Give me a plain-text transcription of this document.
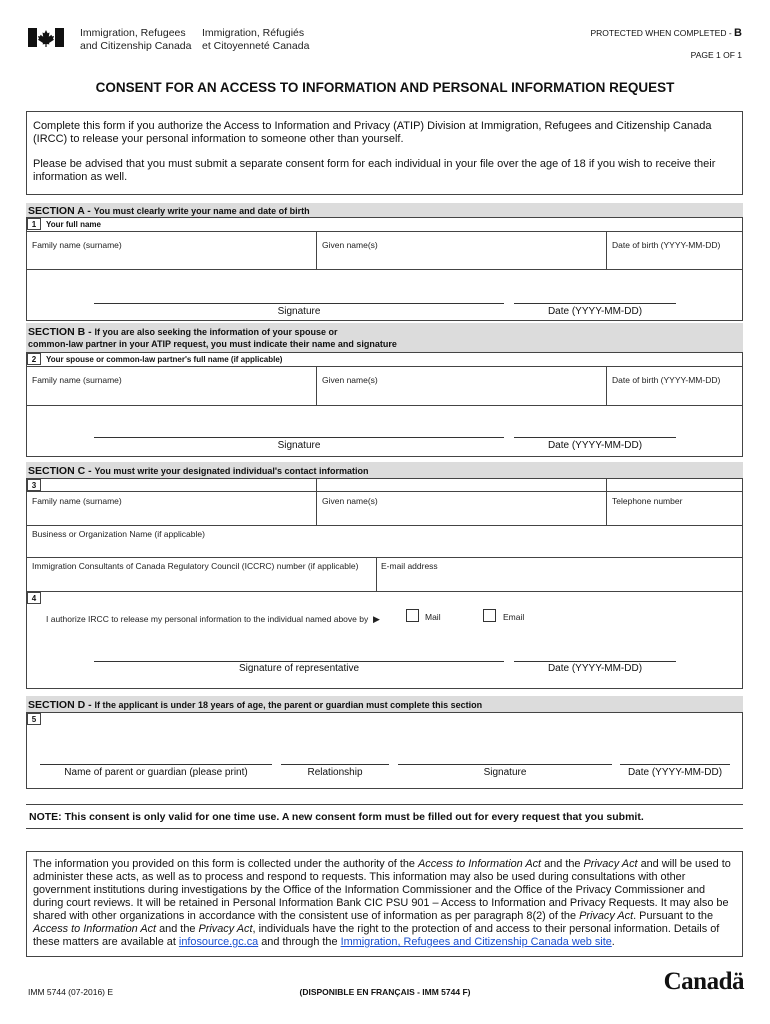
Immigration, Refugees
and Citizenship Canada
Immigration, Réfugiés
et Citoyenneté Canada
PROTECTED WHEN COMPLETED - B
PAGE 1 OF 1
CONSENT FOR AN ACCESS TO INFORMATION AND PERSONAL INFORMATION REQUEST
Complete this form if you authorize the Access to Information and Privacy (ATIP) Division at Immigration, Refugees and Citizenship Canada (IRCC) to release your personal information to someone other than yourself.
Please be advised that you must submit a separate consent form for each individual in your file over the age of 18 if you wish to receive their information as well.
SECTION A - You must clearly write your name and date of birth
1	Your full name
Family name (surname)	Given name(s)	Date of birth (YYYY-MM-DD)
Signature	Date (YYYY-MM-DD)
SECTION B - If you are also seeking the information of your spouse or
common-law partner in your ATIP request, you must indicate their name and signature
2	Your spouse or common-law partner's full name (if applicable)
Family name (surname)	Given name(s)	Date of birth (YYYY-MM-DD)
Signature	Date (YYYY-MM-DD)
SECTION C - You must write your designated individual's contact information
3
Family name (surname)	Given name(s)	Telephone number
Business or Organization Name (if applicable)
Immigration Consultants of Canada Regulatory Council (ICCRC) number (if applicable)	E-mail address
4
I authorize IRCC to release my personal information to the individual named above by ▶	Mail	Email
Signature of representative	Date (YYYY-MM-DD)
SECTION D - If the applicant is under 18 years of age, the parent or guardian must complete this section
5
Name of parent or guardian (please print)	Relationship	Signature	Date (YYYY-MM-DD)
NOTE: This consent is only valid for one time use. A new consent form must be filled out for every request that you submit.
The information you provided on this form is collected under the authority of the Access to Information Act and the Privacy Act and will be used to administer these acts, as well as to process and respond to requests. This information may also be used during consultations with other government institutions during investigations by the Office of the Information Commissioner and the Office of the Privacy Commissioner and during court reviews. It will be retained in Personal Information Bank CIC PSU 901 – Access to Information and Privacy Requests. It may also be shared with other organizations in accordance with the consistent use of information as per paragraph 8(2) of the Privacy Act. Pursuant to the Access to Information Act and the Privacy Act, individuals have the right to the protection of and access to their personal information. Details of these matters are available at infosource.gc.ca and through the Immigration, Refugees and Citizenship Canada web site.
IMM 5744 (07-2016) E	(DISPONIBLE EN FRANÇAIS - IMM 5744 F)	Canadä
